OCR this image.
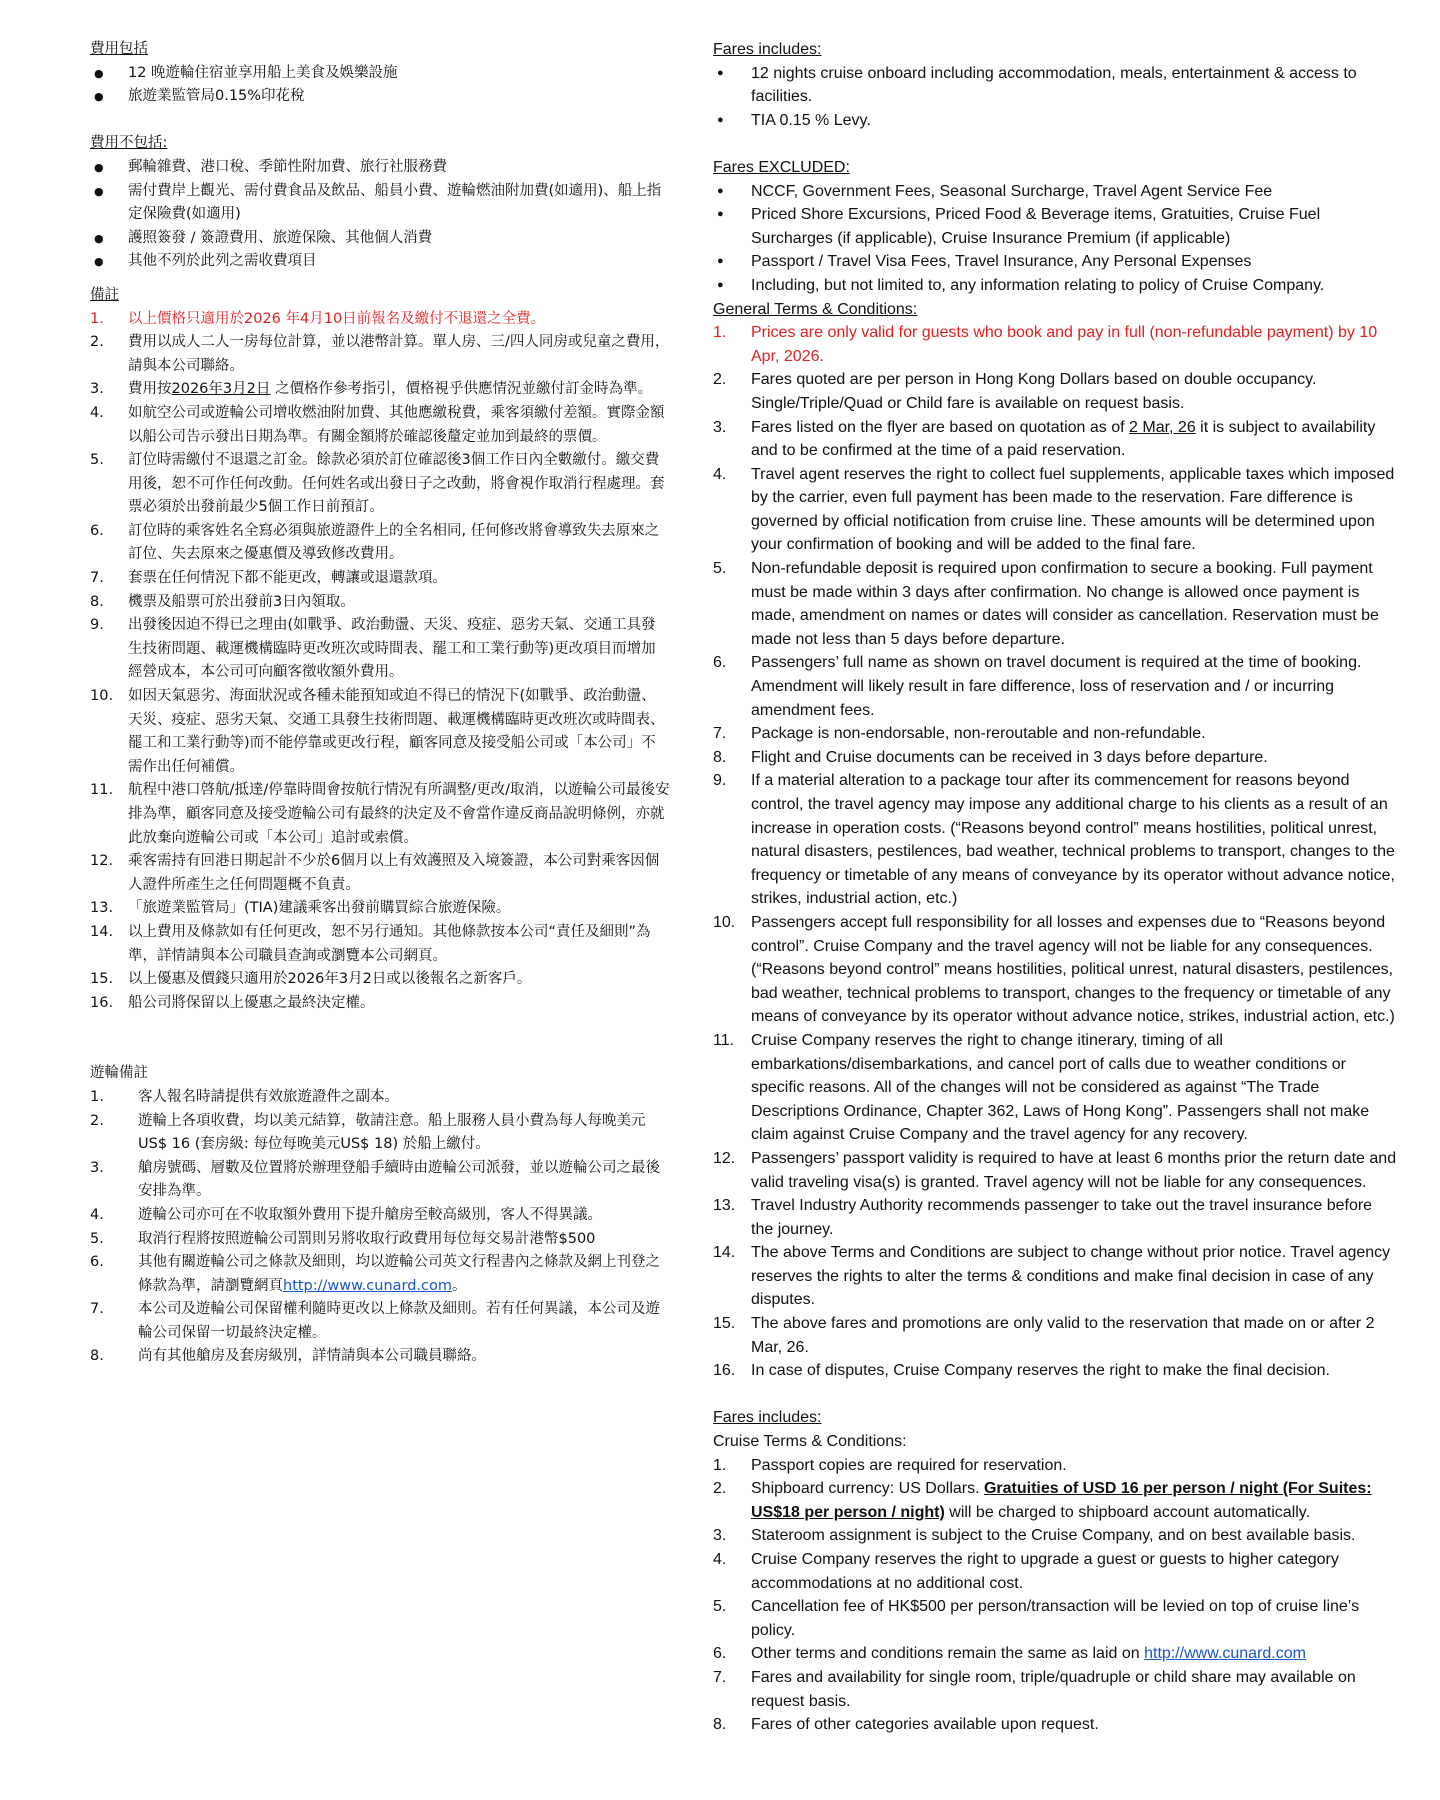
費用包括

● 12 晚遊輪住宿並享用船上美食及娛樂設施
● 旅遊業監管局0.15%印花稅

費用不包括:

● 郵輪雜費、港口稅、季節性附加費、旅行社服務費
● 需付費岸上觀光、需付費食品及飲品、船員小費、遊輪燃油附加費(如適用)、船上指定保險費(如適用)
● 護照簽發 / 簽證費用、旅遊保險、其他個人消費
● 其他不列於此列之需收費項目

備註

1. 以上價格只適用於2026 年4月10日前報名及繳付不退還之全費。
2. 費用以成人二人一房每位計算，並以港幣計算。單人房、三/四人同房或兒童之費用，請與本公司聯絡。
3. 費用按2026年3月2日 之價格作參考指引，價格視乎供應情況並繳付訂金時為準。
4. 如航空公司或遊輪公司增收燃油附加費、其他應繳稅費，乘客須繳付差額。實際金額以船公司告示發出日期為準。有關金額將於確認後釐定並加到最終的票價。
5. 訂位時需繳付不退還之訂金。餘款必須於訂位確認後3個工作日內全數繳付。繳交費用後，恕不可作任何改動。任何姓名或出發日子之改動，將會視作取消行程處理。套票必須於出發前最少5個工作日前預訂。
6. 訂位時的乘客姓名全寫必須與旅遊證件上的全名相同, 任何修改將會導致失去原來之訂位、失去原來之優惠價及導致修改費用。
7. 套票在任何情況下都不能更改，轉讓或退還款項。
8. 機票及船票可於出發前3日內領取。
9. 出發後因迫不得已之理由(如戰爭、政治動盪、天災、疫症、惡劣天氣、交通工具發生技術問題、載運機構臨時更改班次或時間表、罷工和工業行動等)更改項目而增加經營成本，本公司可向顧客徵收額外費用。
10. 如因天氣惡劣、海面狀況或各種未能預知或迫不得已的情況下(如戰爭、政治動盪、天災、疫症、惡劣天氣、交通工具發生技術問題、載運機構臨時更改班次或時間表、罷工和工業行動等)而不能停靠或更改行程，顧客同意及接受船公司或「本公司」不需作出任何補償。
11. 航程中港口啓航/抵達/停靠時間會按航行情況有所調整/更改/取消，以遊輪公司最後安排為準，顧客同意及接受遊輪公司有最終的決定及不會當作違反商品說明條例，亦就此放棄向遊輪公司或「本公司」追討或索償。
12. 乘客需持有回港日期起計不少於6個月以上有效護照及入境簽證，本公司對乘客因個人證件所產生之任何問題概不負責。
13. 「旅遊業監管局」(TIA)建議乘客出發前購買綜合旅遊保險。
14. 以上費用及條款如有任何更改，恕不另行通知。其他條款按本公司“責任及細則”為準，詳情請與本公司職員查詢或瀏覽本公司網頁。
15. 以上優惠及價錢只適用於2026年3月2日或以後報名之新客戶。
16. 船公司將保留以上優惠之最終決定權。

遊輪備註

1. 客人報名時請提供有效旅遊證件之副本。
2. 遊輪上各項收費，均以美元結算，敬請注意。船上服務人員小費為每人每晚美元US$ 16 (套房級: 每位每晚美元US$ 18) 於船上繳付。
3. 艙房號碼、層數及位置將於辦理登船手續時由遊輪公司派發，並以遊輪公司之最後安排為準。
4. 遊輪公司亦可在不收取額外費用下提升艙房至較高級別，客人不得異議。
5. 取消行程將按照遊輪公司罰則另將收取行政費用每位每交易計港幣$500
6. 其他有關遊輪公司之條款及細則，均以遊輪公司英文行程書內之條款及網上刊登之條款為準，請瀏覽網頁http://www.cunard.com。
7. 本公司及遊輪公司保留權利隨時更改以上條款及細則。若有任何異議，本公司及遊輪公司保留一切最終決定權。
8. 尚有其他艙房及套房級別，詳情請與本公司職員聯絡。

Fares includes:

● 12 nights cruise onboard including accommodation, meals, entertainment & access to facilities.
● TIA 0.15 % Levy.

Fares EXCLUDED:

● NCCF, Government Fees, Seasonal Surcharge, Travel Agent Service Fee
● Priced Shore Excursions, Priced Food & Beverage items, Gratuities, Cruise Fuel Surcharges (if applicable), Cruise Insurance Premium (if applicable)
● Passport / Travel Visa Fees, Travel Insurance, Any Personal Expenses
● Including, but not limited to, any information relating to policy of Cruise Company.

General Terms & Conditions:

1. Prices are only valid for guests who book and pay in full (non-refundable payment) by 10 Apr, 2026.
2. Fares quoted are per person in Hong Kong Dollars based on double occupancy. Single/Triple/Quad or Child fare is available on request basis.
3. Fares listed on the flyer are based on quotation as of 2 Mar, 26 it is subject to availability and to be confirmed at the time of a paid reservation.
4. Travel agent reserves the right to collect fuel supplements, applicable taxes which imposed by the carrier, even full payment has been made to the reservation. Fare difference is governed by official notification from cruise line. These amounts will be determined upon your confirmation of booking and will be added to the final fare.
5. Non-refundable deposit is required upon confirmation to secure a booking. Full payment must be made within 3 days after confirmation. No change is allowed once payment is made, amendment on names or dates will consider as cancellation. Reservation must be made not less than 5 days before departure.
6. Passengers’ full name as shown on travel document is required at the time of booking. Amendment will likely result in fare difference, loss of reservation and / or incurring amendment fees.
7. Package is non-endorsable, non-reroutable and non-refundable.
8. Flight and Cruise documents can be received in 3 days before departure.
9. If a material alteration to a package tour after its commencement for reasons beyond control, the travel agency may impose any additional charge to his clients as a result of an increase in operation costs. (“Reasons beyond control” means hostilities, political unrest, natural disasters, pestilences, bad weather, technical problems to transport, changes to the frequency or timetable of any means of conveyance by its operator without advance notice, strikes, industrial action, etc.)
10. Passengers accept full responsibility for all losses and expenses due to “Reasons beyond control”. Cruise Company and the travel agency will not be liable for any consequences. (“Reasons beyond control” means hostilities, political unrest, natural disasters, pestilences, bad weather, technical problems to transport, changes to the frequency or timetable of any means of conveyance by its operator without advance notice, strikes, industrial action, etc.)
11. Cruise Company reserves the right to change itinerary, timing of all embarkations/disembarkations, and cancel port of calls due to weather conditions or specific reasons. All of the changes will not be considered as against “The Trade Descriptions Ordinance, Chapter 362, Laws of Hong Kong”. Passengers shall not make claim against Cruise Company and the travel agency for any recovery.
12. Passengers’ passport validity is required to have at least 6 months prior the return date and valid traveling visa(s) is granted. Travel agency will not be liable for any consequences.
13. Travel Industry Authority recommends passenger to take out the travel insurance before the journey.
14. The above Terms and Conditions are subject to change without prior notice. Travel agency reserves the rights to alter the terms & conditions and make final decision in case of any disputes.
15. The above fares and promotions are only valid to the reservation that made on or after 2 Mar, 26.
16. In case of disputes, Cruise Company reserves the right to make the final decision.

Fares includes:

Cruise Terms & Conditions:

1. Passport copies are required for reservation.
2. Shipboard currency: US Dollars. Gratuities of USD 16 per person / night (For Suites: US$18 per person / night) will be charged to shipboard account automatically.
3. Stateroom assignment is subject to the Cruise Company, and on best available basis.
4. Cruise Company reserves the right to upgrade a guest or guests to higher category accommodations at no additional cost.
5. Cancellation fee of HK$500 per person/transaction will be levied on top of cruise line’s policy.
6. Other terms and conditions remain the same as laid on http://www.cunard.com
7. Fares and availability for single room, triple/quadruple or child share may available on request basis.
8. Fares of other categories available upon request.
